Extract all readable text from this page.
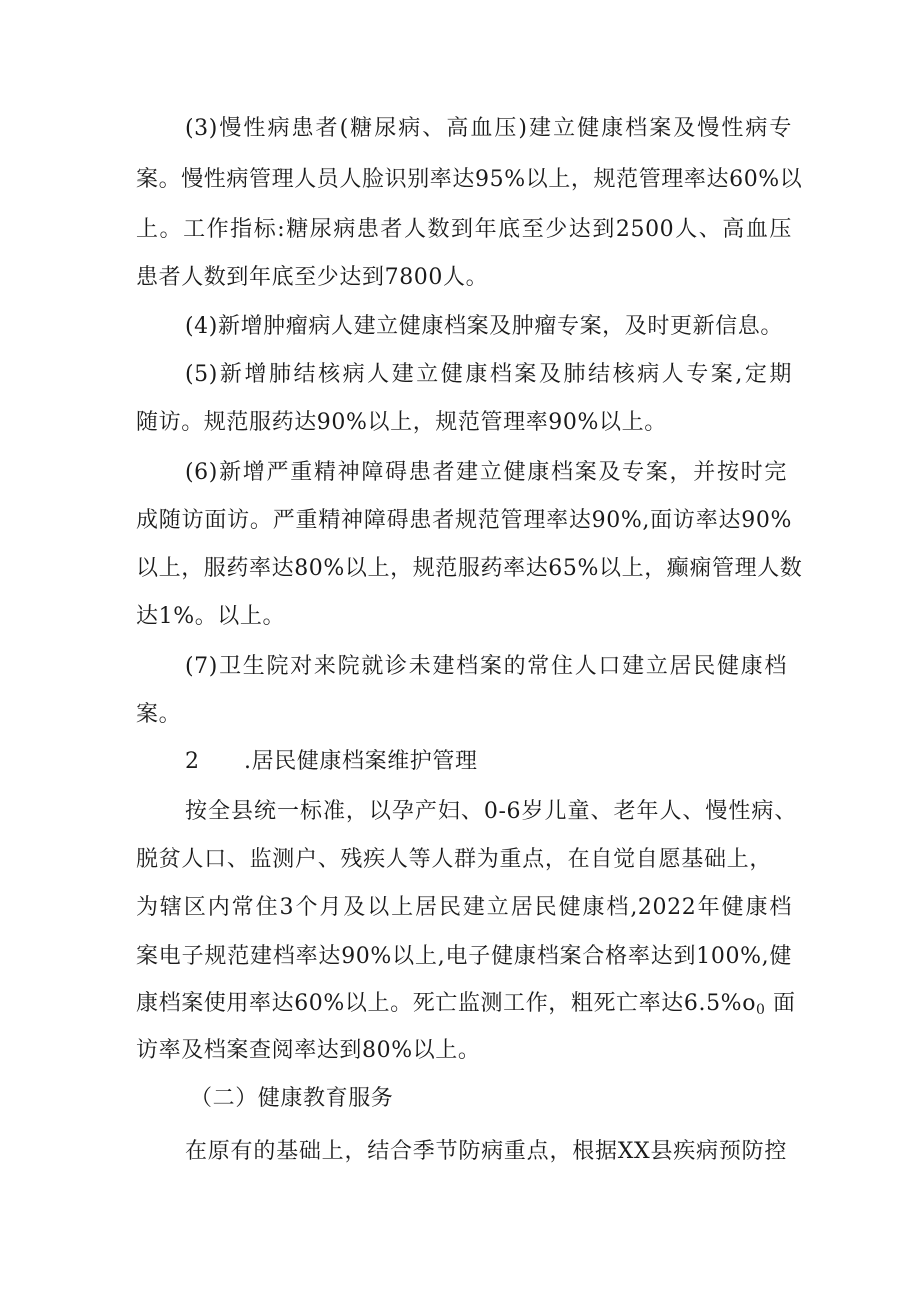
(3)慢性病患者(糖尿病、高血压)建立健康档案及慢性病专
案。慢性病管理人员人脸识别率达95%以上，规范管理率达60%以
上。工作指标:糖尿病患者人数到年底至少达到2500人、高血压
患者人数到年底至少达到7800人。
(4)新增肿瘤病人建立健康档案及肿瘤专案，及时更新信息。
(5)新增肺结核病人建立健康档案及肺结核病人专案,定期
随访。规范服药达90%以上，规范管理率90%以上。
(6)新增严重精神障碍患者建立健康档案及专案，并按时完
成随访面访。严重精神障碍患者规范管理率达90%,面访率达90%
以上，服药率达80%以上，规范服药率达65%以上，癫痫管理人数
达1%。以上。
(7)卫生院对来院就诊未建档案的常住人口建立居民健康档
案。
2 .居民健康档案维护管理
按全县统一标准，以孕产妇、0-6岁儿童、老年人、慢性病、
脱贫人口、监测户、残疾人等人群为重点，在自觉自愿基础上，
为辖区内常住3个月及以上居民建立居民健康档,2022年健康档
案电子规范建档率达90%以上,电子健康档案合格率达到100%,健
康档案使用率达60%以上。死亡监测工作，粗死亡率达$6.5\%o_0$ 面
访率及档案查阅率达到80%以上。
（二）健康教育服务
在原有的基础上，结合季节防病重点，根据XX县疾病预防控
